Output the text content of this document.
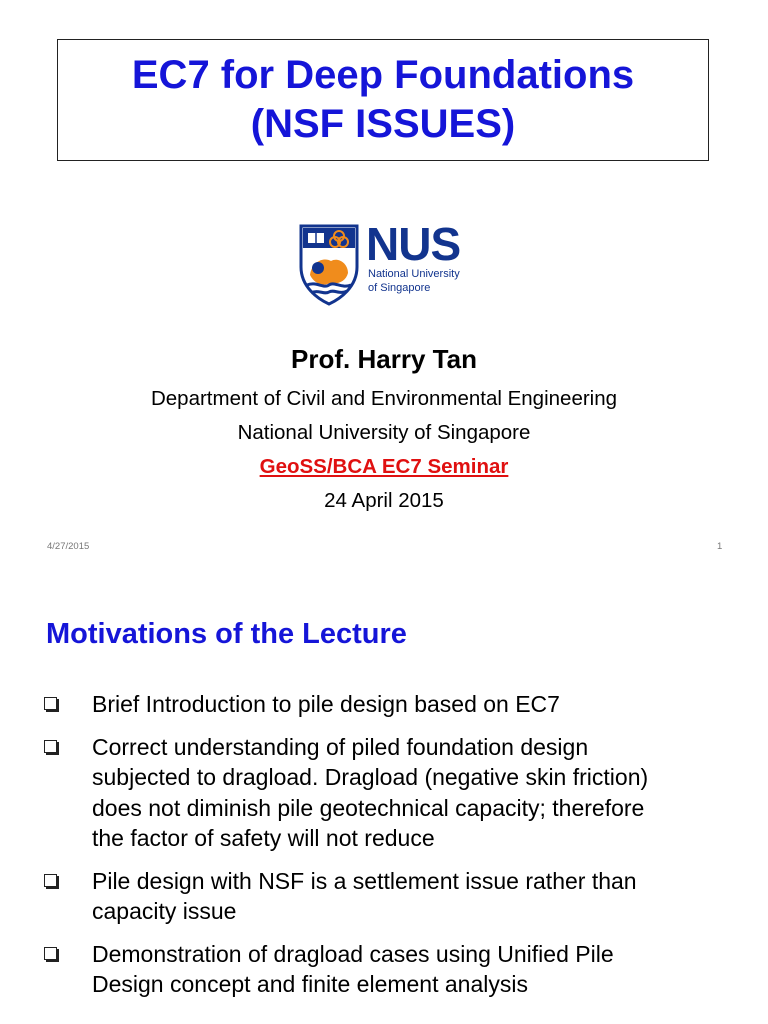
EC7 for Deep Foundations
(NSF ISSUES)
NUS
National University
of Singapore
Prof. Harry Tan
Department of Civil and Environmental Engineering
National University of Singapore
GeoSS/BCA EC7 Seminar
24 April 2015
4/27/2015	1
Motivations of the Lecture
Brief Introduction to pile design based on EC7
Correct understanding of piled foundation design
subjected to dragload. Dragload (negative skin friction)
does not diminish pile geotechnical capacity; therefore
the factor of safety will not reduce
Pile design with NSF is a settlement issue rather than
capacity issue
Demonstration of dragload cases using Unified Pile
Design concept and finite element analysis
